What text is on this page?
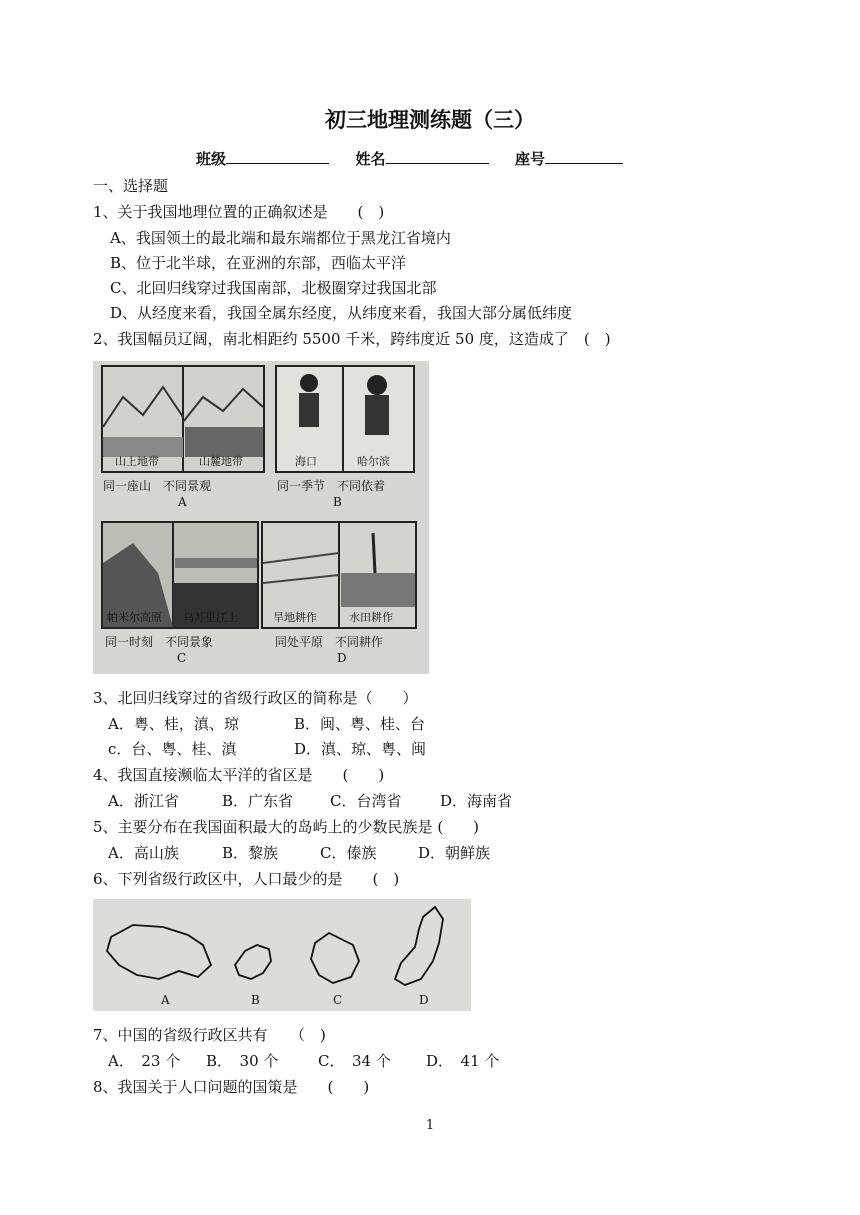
初三地理测练题（三）
班级	姓名	座号
一、选择题
1、关于我国地理位置的正确叙述是　　(　)
A、我国领土的最北端和最东端都位于黑龙江省境内
B、位于北半球，在亚洲的东部，西临太平洋
C、北回归线穿过我国南部，北极圈穿过我国北部
D、从经度来看，我国全属东经度，从纬度来看，我国大部分属低纬度
2、我国幅员辽阔，南北相距约 5500 千米，跨纬度近 50 度，这造成了　(　)
山上地带	山麓地带
同一座山　不同景观
A
海口	哈尔滨
同一季节　不同依着
B
帕米尔高原 乌苏里江上
同一时刻　不同景象
C
旱地耕作	水田耕作
同处平原　不同耕作
D
3、北回归线穿过的省级行政区的简称是（　　）
A．粤、桂，滇、琼	B．闽、粤、桂、台
c．台、粤、桂、滇	D．滇、琼、粤、闽
4、我国直接濒临太平洋的省区是　　(　　)
A．浙江省	B．广东省 C．台湾省	D．海南省
5、主要分布在我国面积最大的岛屿上的少数民族是 (　　)
A．高山族	B．黎族	C．傣族	D．朝鲜族
6、下列省级行政区中，人口最少的是　　(　)
A	B	C	D
7、中国的省级行政区共有　　（　)
A．　23 个 B．　30 个	C．　34 个 D．　41 个
8、我国关于人口问题的国策是　　(　　)
1
